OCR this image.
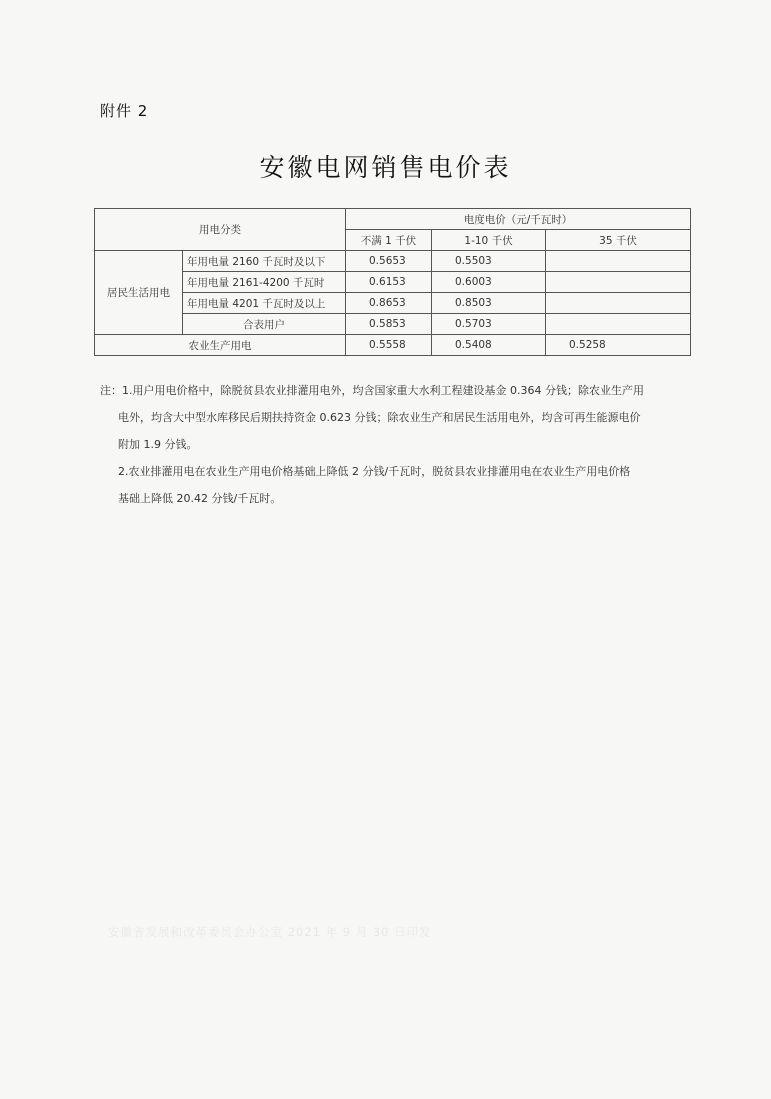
附件 2
安徽电网销售电价表
用电分类		电度电价（元/千瓦时）		
		不满 1 千伏	1-10 千伏	35 千伏
居民生活用电	年用电量 2160 千瓦时及以下	0.5653	0.5503	
	年用电量 2161-4200 千瓦时	0.6153	0.6003	
	年用电量 4201 千瓦时及以上	0.8653	0.8503	
	合表用户	0.5853	0.5703	
农业生产用电		0.5558	0.5408	0.5258

注：1.用户用电价格中，除脱贫县农业排灌用电外，均含国家重大水利工程建设基金 0.364 分钱；除农业生产用

电外，均含大中型水库移民后期扶持资金 0.623 分钱；除农业生产和居民生活用电外，均含可再生能源电价

附加 1.9 分钱。

2.农业排灌用电在农业生产用电价格基础上降低 2 分钱/千瓦时，脱贫县农业排灌用电在农业生产用电价格

基础上降低 20.42 分钱/千瓦时。

安徽省发展和改革委员会办公室 2021 年 9 月 30 日印发
